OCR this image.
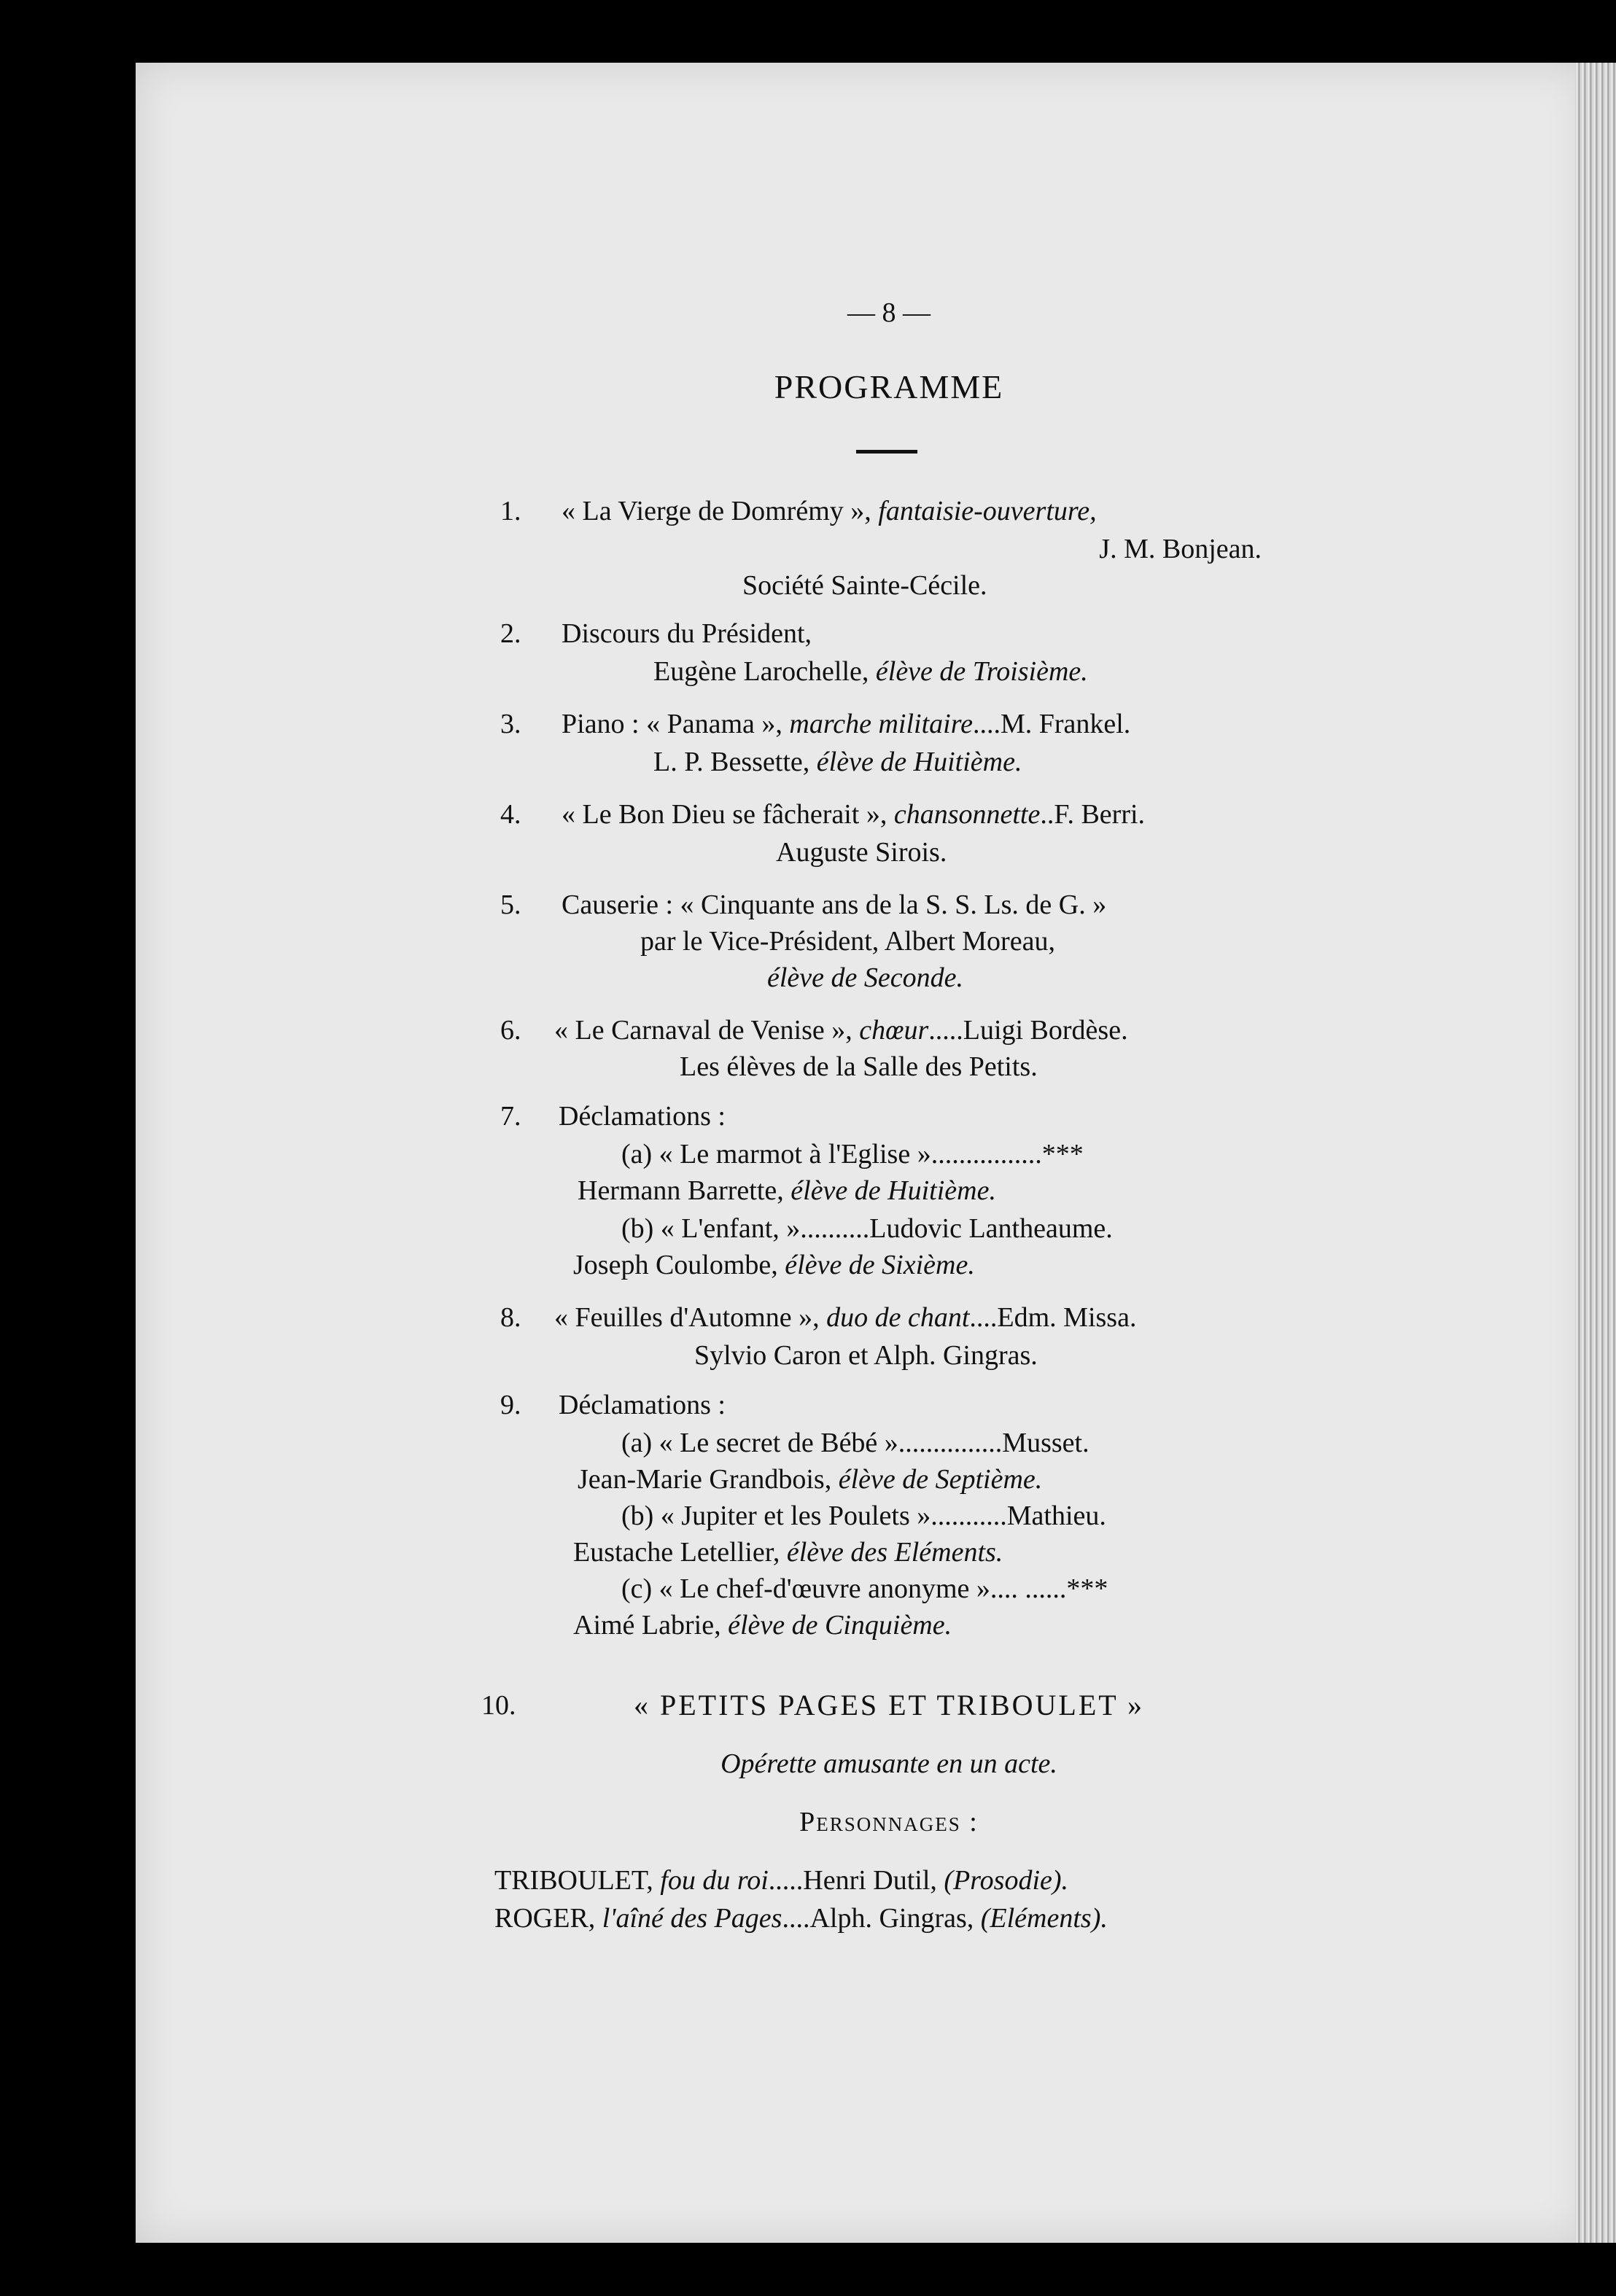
— 8 —
PROGRAMME
1. « La Vierge de Domrémy », fantaisie-ouverture,
J. M. Bonjean.
Société Sainte-Cécile.
2. Discours du Président,
Eugène Larochelle, élève de Troisième.
3. Piano : « Panama », marche militaire....M. Frankel.
L. P. Bessette, élève de Huitième.
4. « Le Bon Dieu se fâcherait », chansonnette..F. Berri.
Auguste Sirois.
5. Causerie : « Cinquante ans de la S. S. Ls. de G. »
par le Vice-Président, Albert Moreau,
élève de Seconde.
6. « Le Carnaval de Venise », chœur.....Luigi Bordèse.
Les élèves de la Salle des Petits.
7. Déclamations :
(a) « Le marmot à l'Eglise »................***
Hermann Barrette, élève de Huitième.
(b) « L'enfant, »..........Ludovic Lantheaume.
Joseph Coulombe, élève de Sixième.
8. « Feuilles d'Automne », duo de chant....Edm. Missa.
Sylvio Caron et Alph. Gingras.
9. Déclamations :
(a) « Le secret de Bébé »...............Musset.
Jean-Marie Grandbois, élève de Septième.
(b) « Jupiter et les Poulets »...........Mathieu.
Eustache Letellier, élève des Eléments.
(c) « Le chef-d'œuvre anonyme ».... ......***
Aimé Labrie, élève de Cinquième.
10.	« PETITS PAGES ET TRIBOULET »
Opérette amusante en un acte.
Personnages :
TRIBOULET, fou du roi.....Henri Dutil, (Prosodie).
ROGER, l'aîné des Pages....Alph. Gingras, (Eléments).
